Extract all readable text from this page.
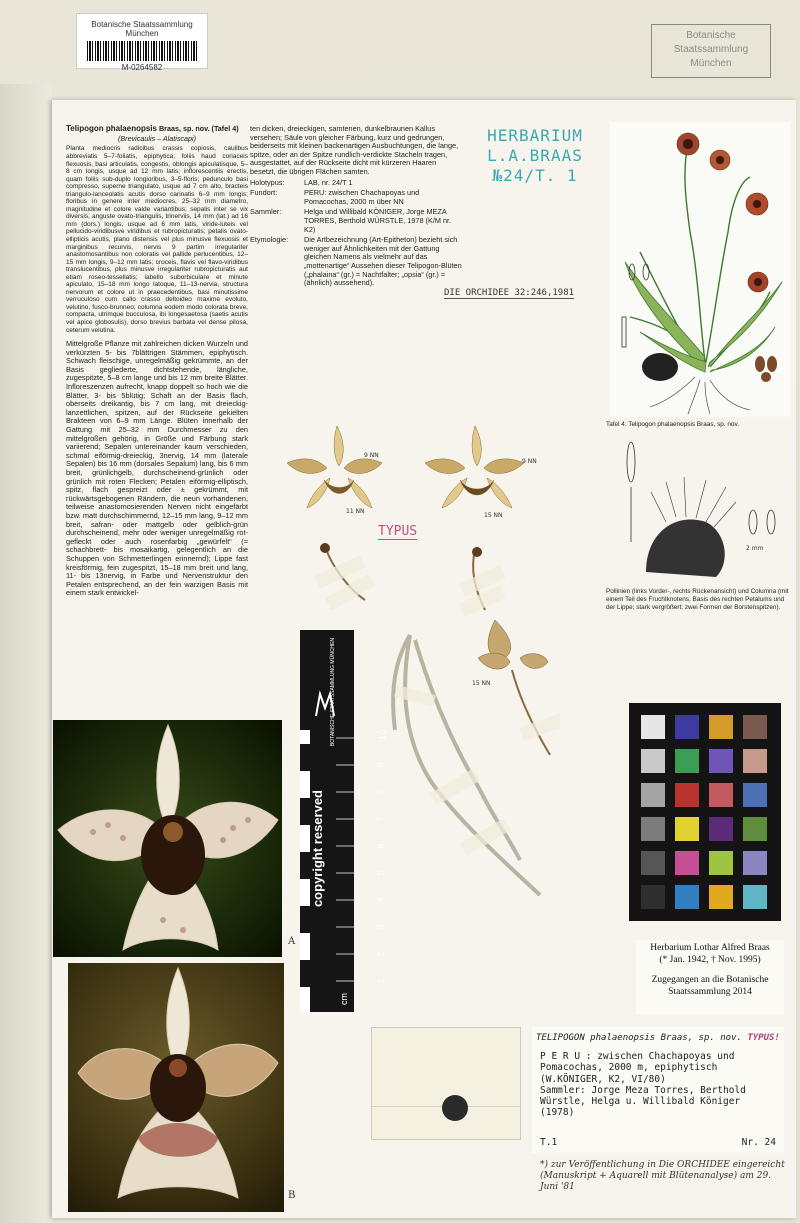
Botanische Staatssammlung München
M-0264582
Botanische
Staatssammlung
München

Telipogon phalaenopsis Braas, sp. nov. (Tafel 4)

(Brevicaulis – Alatiscapi)

Planta mediocris radicibus crassis copiosis, caulibus abbreviatis 5–7-foliatis, epiphytica; foliis haud coriaceis flexuosis, basi articulatis, congestis, oblongis apiculatisque, 5–8 cm longis, usque ad 12 mm latis; inflorescentiis erectis, quam foliis sub-duplo longioribus, 3–5-floris; pedunculo basi compresso, superne triangulato, usque ad 7 cm alto, bracteis triangulo-lanceolatis acutis dorso carinatis 6–9 mm longis; floribus in genere inter mediocres, 25–32 mm diametro, magnitudine et colore valde variantibus; sepalis inter se vix diversis, anguste ovato-triangulis, trinerviis, 14 mm (lat.) ad 16 mm (dors.) longis, usque ad 6 mm latis, viride-luteis vel pellucido-viridibusve viridibus et rubropicturatis; petalis ovato-ellipticis acutis, plano distensis vel plus minusve flexuosis et marginibus recurvis, nervis 9 partim irregulariter anastomosantibus non coloratis vel pallide perlucentibus, 12–15 mm longis, 9–12 mm latis; croceis, flavis vel flavo-viridibus translucentibus, plus minusve irregulariter rubropicturatis aut etiam roseo-tessellatis; labello suborbiculare et minute apiculato, 15–18 mm longo latoque, 11–13-nervia, structura nervorum et colore ut in praecedentibus, basi minutissime verruculoso cum callo crasso deltoideo maxime evoluto, velutino, fusco-brunneo; columna eodem modo colorata breve, compacta, utrimque bucculosa, ibi longesaetosa (saetis acutis vel apice globosulis), dorso brevius barbata vel dense pilosa, ceterum velutina.

Mittelgroße Pflanze mit zahlreichen dicken Wurzeln und verkürzten 5- bis 7blättrigen Stämmen, epiphytisch. Schwach fleischige, unregelmäßig gekrümmte, an der Basis gegliederte, dichtstehende, längliche, zugespitzte, 5–8 cm lange und bis 12 mm breite Blätter. Infloreszenzen aufrecht, knapp doppelt so hoch wie die Blätter, 3- bis 5blütig; Schaft an der Basis flach, oberseits dreikantig, bis 7 cm lang, mit dreieckig-lanzettlichen, spitzen, auf der Rückseite gekielten Brakteen von 6–9 mm Länge. Blüten innerhalb der Gattung mit 25–32 mm Durchmesser zu den mittelgroßen gehörig, in Größe und Färbung stark variierend; Sepalen untereinander kaum verschieden, schmal eiförmig-dreieckig, 3nervig, 14 mm (laterale Sepalen) bis 16 mm (dorsales Sepalum) lang, bis 6 mm breit, grünlichgelb, durchscheinend-grünlich oder grünlich mit roten Flecken; Petalen eiförmig-elliptisch, spitz, flach gespreizt oder ± gekrümmt, mit rückwärtsgebogenen Rändern, die neun vorhandenen, teilweise anastomosierenden Nerven nicht eingefärbt bzw. matt durchschimmernd, 12–15 mm lang, 9–12 mm breit, safran- oder mattgelb oder gelblich-grün durchscheinend, mehr oder weniger unregelmäßig rot-gefleckt oder auch rosenfarbig „gewürfelt“ (= schachbrett- bis mosaikartig, gelegentlich an die Schuppen von Schmetterlingen erinnernd); Lippe fast kreisförmig, fein zugespitzt, 15–18 mm breit und lang, 11- bis 13nervig, in Farbe und Nervenstruktur den Petalen entsprechend, an der fein warzigen Basis mit einem stark entwickel-

ten dicken, dreieckigen, samtenen, dunkelbraunen Kallus versehen; Säule von gleicher Färbung, kurz und gedrungen, beiderseits mit kleinen backenartigen Ausbuchtungen, die lange, spitze, oder an der Spitze rundlich-verdickte Stacheln tragen, ausgestattet, auf der Rückseite dicht mit kürzeren Haaren besetzt, die übrigen Flächen samten.
Holotypus:	LAB, nr. 24/T 1
Fundort:	PERU: zwischen Chachapoyas und Pomacochas, 2000 m über NN
Sammler:	Helga und Willibald KÖNIGER, Jorge MEZA TORRES, Berthold WÜRSTLE, 1978 (K/M nr. K2)
Etymologie:	Die Artbezeichnung (Art-Epitheton) bezieht sich weniger auf Ähnlichkeiten mit der Gattung gleichen Namens als vielmehr auf das „mottenartige“ Aussehen dieser Telipogon-Blüten („phalaina“ (gr.) = Nachtfalter; „opsia“ (gr.) = (ähnlich) aussehend).
HERBARIUM
L.A.BRAAS
№24/T. 1
DIE ORCHIDEE 32:246,1981
Tafel 4: Telipogon phalaenopsis Braas, sp. nov.
2 mm
Pollinien (links Vorder-, rechts Rückenansicht) und Columna (mit einem Teil des Fruchtknotens, Basis des rechten Petalums und der Lippe; stark vergrößert; zwei Formen der Borstenspitzen).
9 NN
11 NN
9 NN
15 NN
TYPUS
15 NN
A
B
BOTANISCHE STAATSSAMMLUNG MÜNCHEN
copyright reserved
10
9
8
7
6
5
4
3
2
1
cm
Herbarium Lothar Alfred Braas
(* Jan. 1942, † Nov. 1995)
Zugegangen an die Botanische
Staatssammlung 2014
TELIPOGON phalaenopsis Braas, sp. nov. TYPUS!
P E R U : zwischen Chachapoyas und
Pomacochas, 2000 m, epiphytisch
(W.KÖNIGER, K2, VI/80)
Sammler: Jorge Meza Torres, Berthold
Würstle, Helga u. Willibald Königer
(1978)
T.1	Nr. 24
*) zur Veröffentlichung in Die ORCHIDEE eingereicht (Manuskript + Aquarell mit Blütenanalyse) am 29. Juni '81
